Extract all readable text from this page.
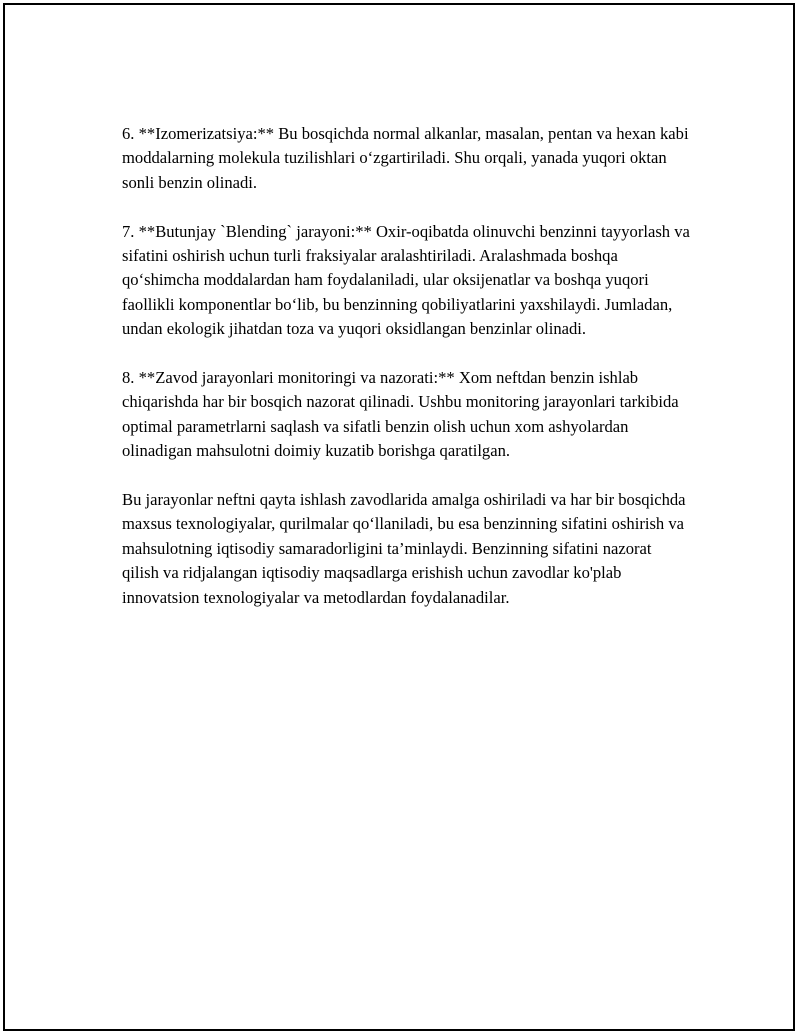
6. **Izomerizatsiya:** Bu bosqichda normal alkanlar, masalan, pentan va hexan kabi moddalarning molekula tuzilishlari o‘zgartiriladi. Shu orqali, yanada yuqori oktan sonli benzin olinadi.

7. **Butunjay `Blending` jarayoni:** Oxir-oqibatda olinuvchi benzinni tayyorlash va sifatini oshirish uchun turli fraksiyalar aralashtiriladi. Aralashmada boshqa qo‘shimcha moddalardan ham foydalaniladi, ular oksijenatlar va boshqa yuqori faollikli komponentlar bo‘lib, bu benzinning qobiliyatlarini yaxshilaydi. Jumladan, undan ekologik jihatdan toza va yuqori oksidlangan benzinlar olinadi.

8. **Zavod jarayonlari monitoringi va nazorati:** Xom neftdan benzin ishlab chiqarishda har bir bosqich nazorat qilinadi. Ushbu monitoring jarayonlari tarkibida optimal parametrlarni saqlash va sifatli benzin olish uchun xom ashyolardan olinadigan mahsulotni doimiy kuzatib borishga qaratilgan.

Bu jarayonlar neftni qayta ishlash zavodlarida amalga oshiriladi va har bir bosqichda maxsus texnologiyalar, qurilmalar qo‘llaniladi, bu esa benzinning sifatini oshirish va mahsulotning iqtisodiy samaradorligini ta’minlaydi. Benzinning sifatini nazorat qilish va ridjalangan iqtisodiy maqsadlarga erishish uchun zavodlar ko'plab innovatsion texnologiyalar va metodlardan foydalanadilar.
